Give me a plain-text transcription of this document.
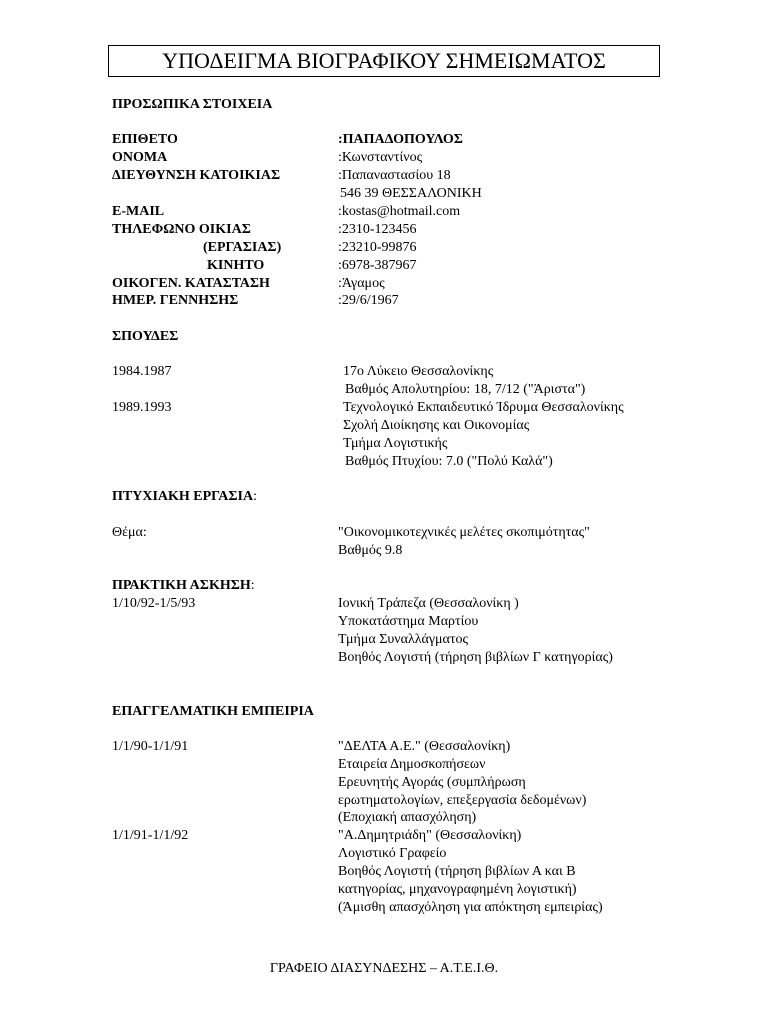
ΥΠΟΔΕΙΓΜΑ ΒΙΟΓΡΑΦΙΚΟΥ ΣΗΜΕΙΩΜΑΤΟΣ
ΠΡΟΣΩΠΙΚΑ ΣΤΟΙΧΕΙΑ
ΕΠΙΘΕΤΟ	:ΠΑΠΑΔΟΠΟΥΛΟΣ
ΟΝΟΜΑ	:Κωνσταντίνος
ΔΙΕΥΘΥΝΣΗ ΚΑΤΟΙΚΙΑΣ	:Παπαναστασίου 18
546 39 ΘΕΣΣΑΛΟΝΙΚΗ
E-MAIL	:kostas@hotmail.com
ΤΗΛΕΦΩΝΟ ΟΙΚΙΑΣ	:2310-123456
(ΕΡΓΑΣΙΑΣ)	:23210-99876
ΚΙΝΗΤΟ	:6978-387967
ΟΙΚΟΓΕΝ. ΚΑΤΑΣΤΑΣΗ	:Άγαμος
ΗΜΕΡ. ΓΕΝΝΗΣΗΣ	:29/6/1967
ΣΠΟΥΔΕΣ
1984.1987	17ο Λύκειο Θεσσαλονίκης
Βαθμός Απολυτηρίου: 18, 7/12 ("Άριστα")
1989.1993	Τεχνολογικό Εκπαιδευτικό Ίδρυμα Θεσσαλονίκης
Σχολή Διοίκησης και Οικονομίας
Τμήμα Λογιστικής
Βαθμός Πτυχίου: 7.0 ("Πολύ Καλά")
ΠΤΥΧΙΑΚΗ ΕΡΓΑΣΙΑ:
Θέμα:	"Οικονομικοτεχνικές μελέτες σκοπιμότητας"
Βαθμός 9.8
ΠΡΑΚΤΙΚΗ ΑΣΚΗΣΗ:
1/10/92-1/5/93	Ιονική Τράπεζα (Θεσσαλονίκη )
Υποκατάστημα Μαρτίου
Τμήμα Συναλλάγματος
Βοηθός Λογιστή (τήρηση βιβλίων Γ κατηγορίας)
ΕΠΑΓΓΕΛΜΑΤΙΚΗ ΕΜΠΕΙΡΙΑ
1/1/90-1/1/91	"ΔΕΛΤΑ Α.Ε." (Θεσσαλονίκη)
Εταιρεία Δημοσκοπήσεων
Ερευνητής Αγοράς (συμπλήρωση
ερωτηματολογίων, επεξεργασία δεδομένων)
(Εποχιακή απασχόληση)
1/1/91-1/1/92	"Α.Δημητριάδη" (Θεσσαλονίκη)
Λογιστικό Γραφείο
Βοηθός Λογιστή (τήρηση βιβλίων Α και Β
κατηγορίας, μηχανογραφημένη λογιστική)
(Άμισθη απασχόληση για απόκτηση εμπειρίας)
ΓΡΑΦΕΙΟ ΔΙΑΣΥΝΔΕΣΗΣ – Α.Τ.Ε.Ι.Θ.
